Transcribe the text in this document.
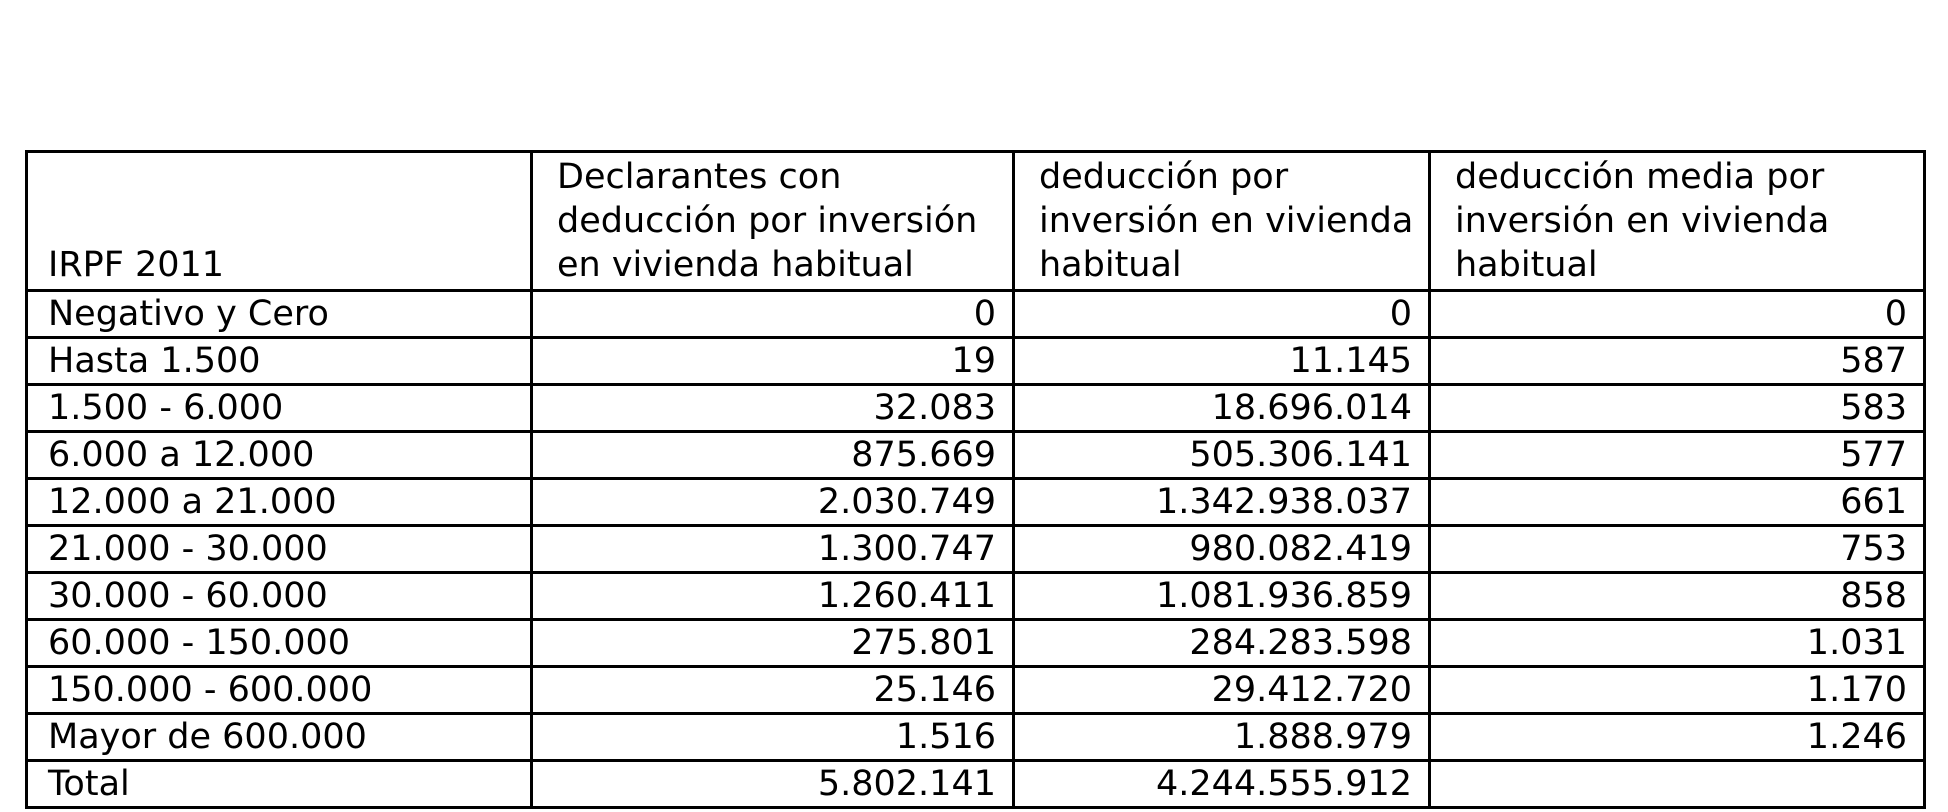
IRPF 2011	Declarantes con deducción por inversión en vivienda habitual	deducción por inversión en vivienda habitual	deducción media por inversión en vivienda habitual
Negativo y Cero	0	0	0
Hasta 1.500	19	11.145	587
1.500 - 6.000	32.083	18.696.014	583
6.000 a 12.000	875.669	505.306.141	577
12.000 a 21.000	2.030.749	1.342.938.037	661
21.000 - 30.000	1.300.747	980.082.419	753
30.000 - 60.000	1.260.411	1.081.936.859	858
60.000 - 150.000	275.801	284.283.598	1.031
150.000 - 600.000	25.146	29.412.720	1.170
Mayor de 600.000	1.516	1.888.979	1.246
Total	5.802.141	4.244.555.912	
